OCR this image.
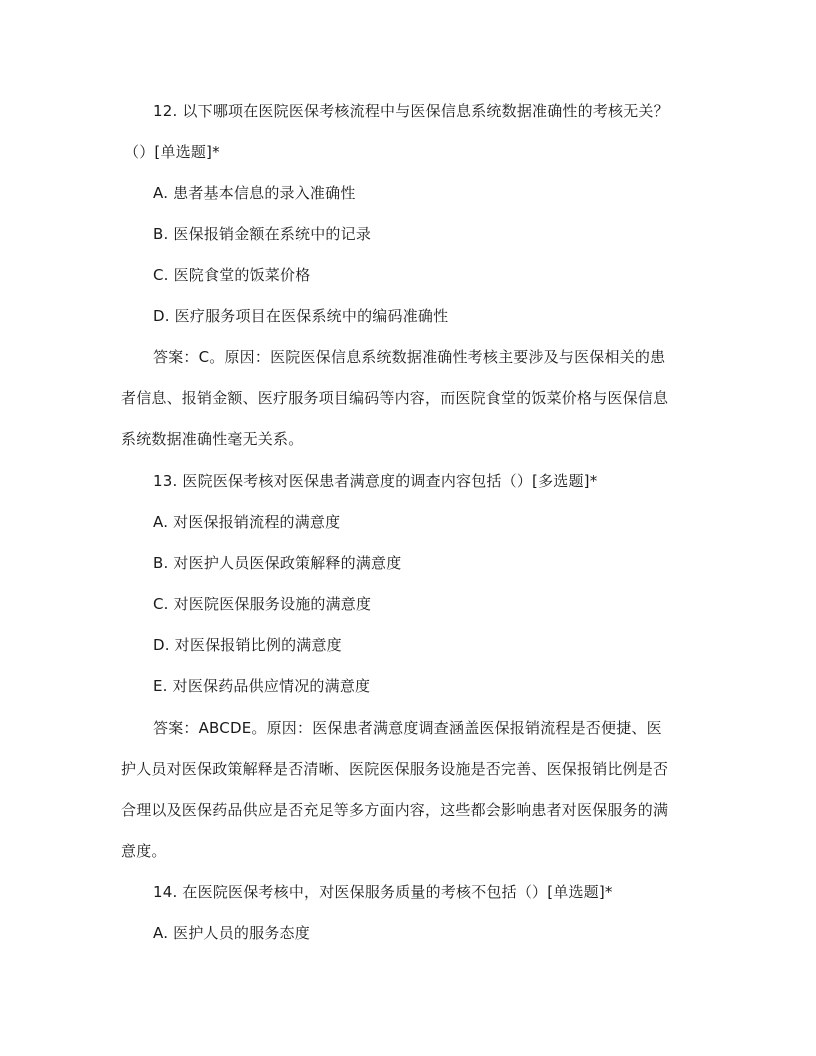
12. 以下哪项在医院医保考核流程中与医保信息系统数据准确性的考核无关？
（）[单选题]*
A. 患者基本信息的录入准确性
B. 医保报销金额在系统中的记录
C. 医院食堂的饭菜价格
D. 医疗服务项目在医保系统中的编码准确性
答案：C。原因：医院医保信息系统数据准确性考核主要涉及与医保相关的患
者信息、报销金额、医疗服务项目编码等内容，而医院食堂的饭菜价格与医保信息
系统数据准确性毫无关系。
13. 医院医保考核对医保患者满意度的调查内容包括（）[多选题]*
A. 对医保报销流程的满意度
B. 对医护人员医保政策解释的满意度
C. 对医院医保服务设施的满意度
D. 对医保报销比例的满意度
E. 对医保药品供应情况的满意度
答案：ABCDE。原因：医保患者满意度调查涵盖医保报销流程是否便捷、医
护人员对医保政策解释是否清晰、医院医保服务设施是否完善、医保报销比例是否
合理以及医保药品供应是否充足等多方面内容，这些都会影响患者对医保服务的满
意度。
14. 在医院医保考核中，对医保服务质量的考核不包括（）[单选题]*
A. 医护人员的服务态度
